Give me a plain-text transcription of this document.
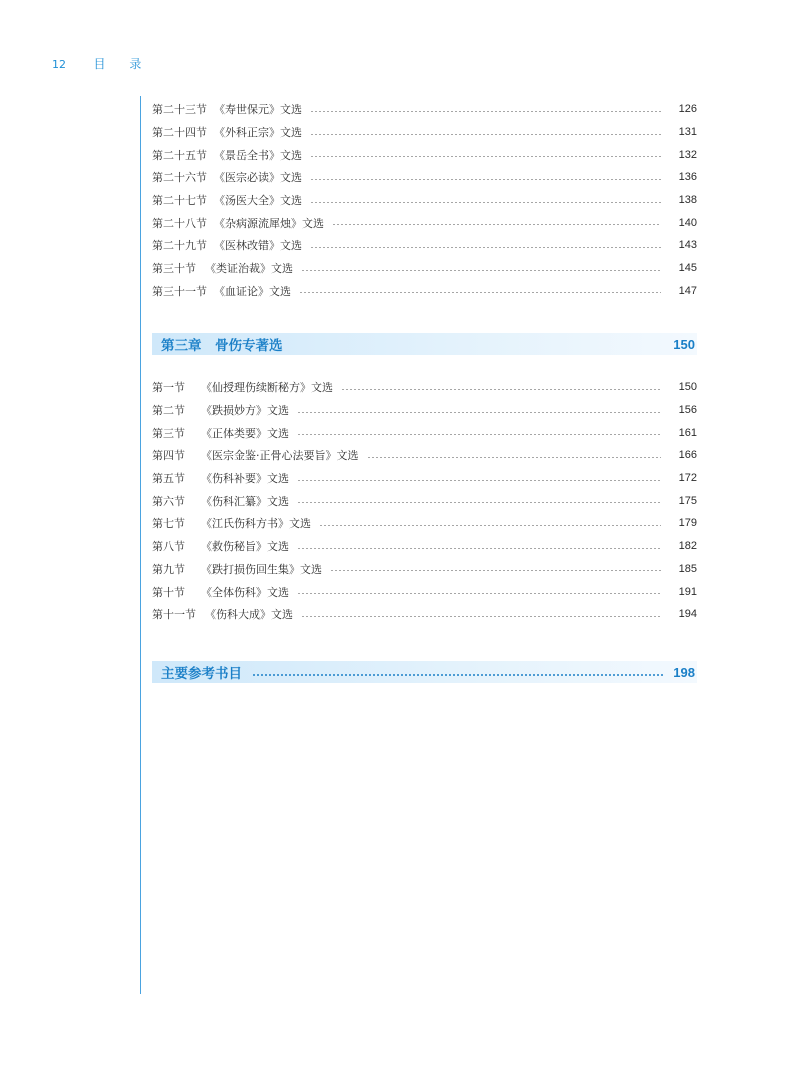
12 目 录
第二十三节 《寿世保元》文选	126
第二十四节 《外科正宗》文选	131
第二十五节 《景岳全书》文选	132
第二十六节 《医宗必读》文选	136
第二十七节 《汤医大全》文选	138
第二十八节 《杂病源流犀烛》文选	140
第二十九节 《医林改错》文选	143
第三十节 《类证治裁》文选	145
第三十一节 《血证论》文选	147
第三章　骨伤专著选	150
第一节 《仙授理伤续断秘方》文选	150
第二节 《跌损妙方》文选	156
第三节 《正体类要》文选	161
第四节 《医宗金鉴·正骨心法要旨》文选	166
第五节 《伤科补要》文选	172
第六节 《伤科汇纂》文选	175
第七节 《江氏伤科方书》文选	179
第八节 《救伤秘旨》文选	182
第九节 《跌打损伤回生集》文选	185
第十节 《全体伤科》文选	191
第十一节 《伤科大成》文选	194
主要参考书目	198
